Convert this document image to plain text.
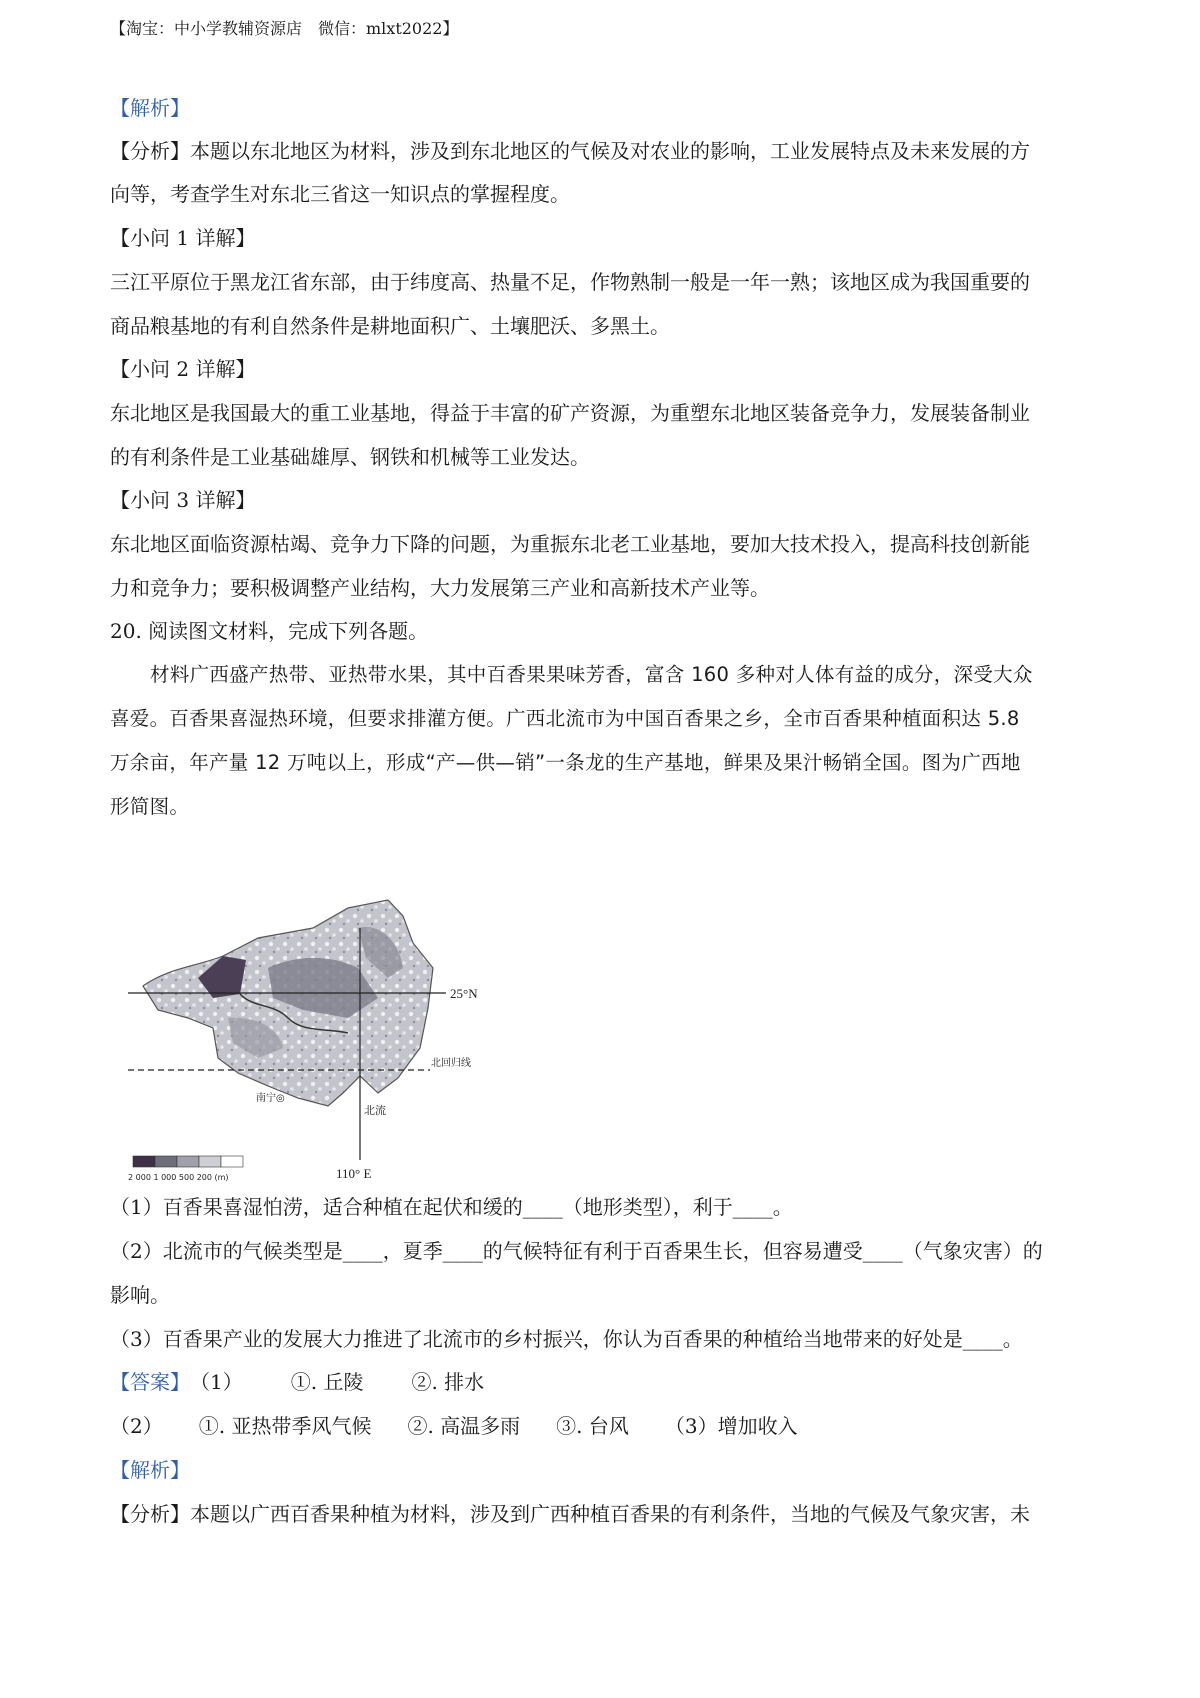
【淘宝：中小学教辅资源店　微信：mlxt2022】
【解析】
【分析】本题以东北地区为材料，涉及到东北地区的气候及对农业的影响，工业发展特点及未来发展的方
向等，考查学生对东北三省这一知识点的掌握程度。
【小问 1 详解】
三江平原位于黑龙江省东部，由于纬度高、热量不足，作物熟制一般是一年一熟；该地区成为我国重要的
商品粮基地的有利自然条件是耕地面积广、土壤肥沃、多黑土。
【小问 2 详解】
东北地区是我国最大的重工业基地，得益于丰富的矿产资源，为重塑东北地区装备竞争力，发展装备制业
的有利条件是工业基础雄厚、钢铁和机械等工业发达。
【小问 3 详解】
东北地区面临资源枯竭、竞争力下降的问题，为重振东北老工业基地，要加大技术投入，提高科技创新能
力和竞争力；要积极调整产业结构，大力发展第三产业和高新技术产业等。
20. 阅读图文材料，完成下列各题。
材料广西盛产热带、亚热带水果，其中百香果果味芳香，富含 160 多种对人体有益的成分，深受大众
喜爱。百香果喜湿热环境，但要求排灌方便。广西北流市为中国百香果之乡，全市百香果种植面积达 5.8
万余亩，年产量 12 万吨以上，形成“产—供—销”一条龙的生产基地，鲜果及果汁畅销全国。图为广西地
形简图。
25°N
北回归线
110° E
南宁◎
北流
2 000 1 000 500 200 (m)
（1）百香果喜湿怕涝，适合种植在起伏和缓的____（地形类型），利于____。
（2）北流市的气候类型是____，夏季____的气候特征有利于百香果生长，但容易遭受____（气象灾害）的
影响。
（3）百香果产业的发展大力推进了北流市的乡村振兴，你认为百香果的种植给当地带来的好处是____。
【答案】（1） ①. 丘陵 ②. 排水
（2） ①. 亚热带季风气候 ②. 高温多雨 ③. 台风 （3）增加收入
【解析】
【分析】本题以广西百香果种植为材料，涉及到广西种植百香果的有利条件，当地的气候及气象灾害，未
